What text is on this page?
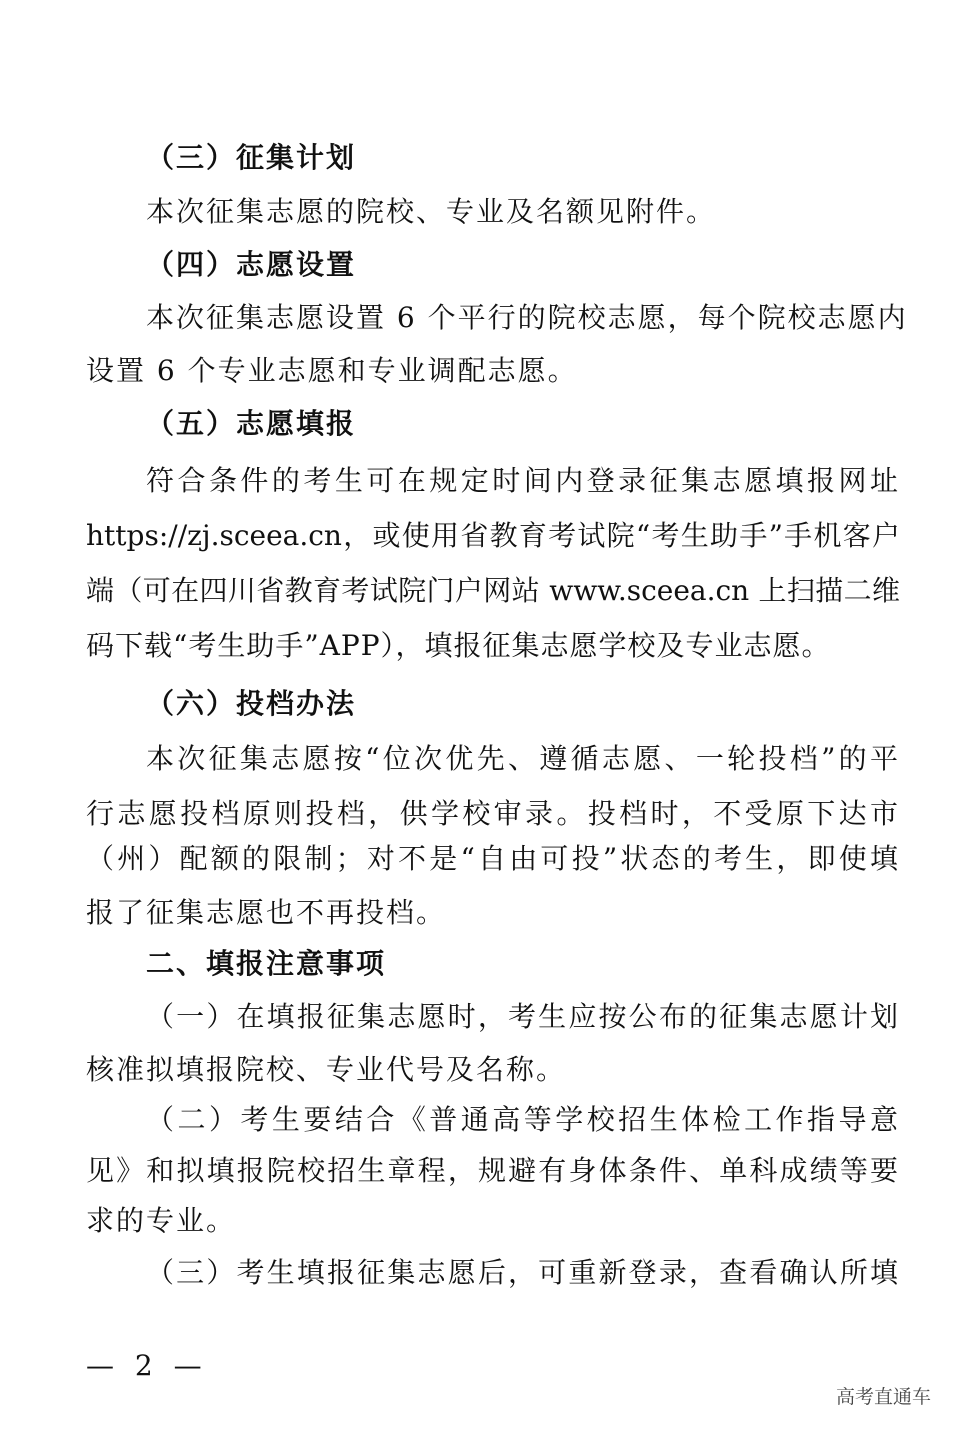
（三）征集计划
本次征集志愿的院校、专业及名额见附件。
（四）志愿设置
本次征集志愿设置 6 个平行的院校志愿，每个院校志愿内
设置 6 个专业志愿和专业调配志愿。
（五）志愿填报
符合条件的考生可在规定时间内登录征集志愿填报网址
https://zj.sceea.cn，或使用省教育考试院“考生助手”手机客户
端（可在四川省教育考试院门户网站 www.sceea.cn 上扫描二维
码下载“考生助手”APP），填报征集志愿学校及专业志愿。
（六）投档办法
本次征集志愿按“位次优先、遵循志愿、一轮投档”的平
行志愿投档原则投档，供学校审录。投档时，不受原下达市
（州）配额的限制；对不是“自由可投”状态的考生，即使填
报了征集志愿也不再投档。
二、填报注意事项
（一）在填报征集志愿时，考生应按公布的征集志愿计划
核准拟填报院校、专业代号及名称。
（二）考生要结合《普通高等学校招生体检工作指导意
见》和拟填报院校招生章程，规避有身体条件、单科成绩等要
求的专业。
（三）考生填报征集志愿后，可重新登录，查看确认所填
— 2 —
高考直通车
